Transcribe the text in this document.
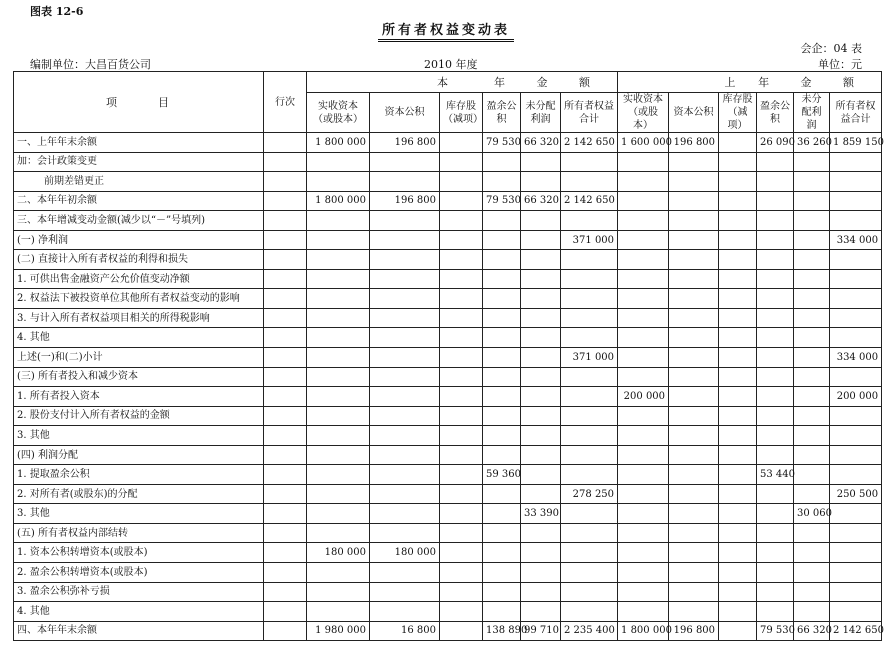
图表 12-6
所有者权益变动表
会企：04 表
编制单位：大昌百货公司	2010 年度	单位：元
项　　　目	行次	本 年 金 额						上 年 金 额					

		实收资本（或股本）	资本公积	库存股（减项）	盈余公积	未分配利润	所有者权益合计	实收资本（或股本）	资本公积	库存股（减项）	盈余公积	未分配利润	所有者权益合计
一、上年年末余额		1 800 000	196 800		79 530	66 320	2 142 650	1 600 000	196 800		26 090	36 260	1 859 150
加：会计政策变更													
前期差错更正													
二、本年年初余额		1 800 000	196 800		79 530	66 320	2 142 650						
三、本年增减变动金额(减少以“－”号填列)													
(一) 净利润							371 000						334 000
(二) 直接计入所有者权益的利得和损失													
1. 可供出售金融资产公允价值变动净额													
2. 权益法下被投资单位其他所有者权益变动的影响													
3. 与计入所有者权益项目相关的所得税影响													
4. 其他													
上述(一)和(二)小计							371 000						334 000
(三) 所有者投入和减少资本													
1. 所有者投入资本								200 000					200 000
2. 股份支付计入所有者权益的金额													
3. 其他													
(四) 利润分配													
1. 提取盈余公积					59 360						53 440		
2. 对所有者(或股东)的分配							278 250						250 500
3. 其他						33 390						30 060	
(五) 所有者权益内部结转													
1. 资本公积转增资本(或股本)		180 000	180 000										
2. 盈余公积转增资本(或股本)													
3. 盈余公积弥补亏损													
4. 其他													
四、本年年末余额		1 980 000	16 800		138 890	99 710	2 235 400	1 800 000	196 800		79 530	66 320	2 142 650
